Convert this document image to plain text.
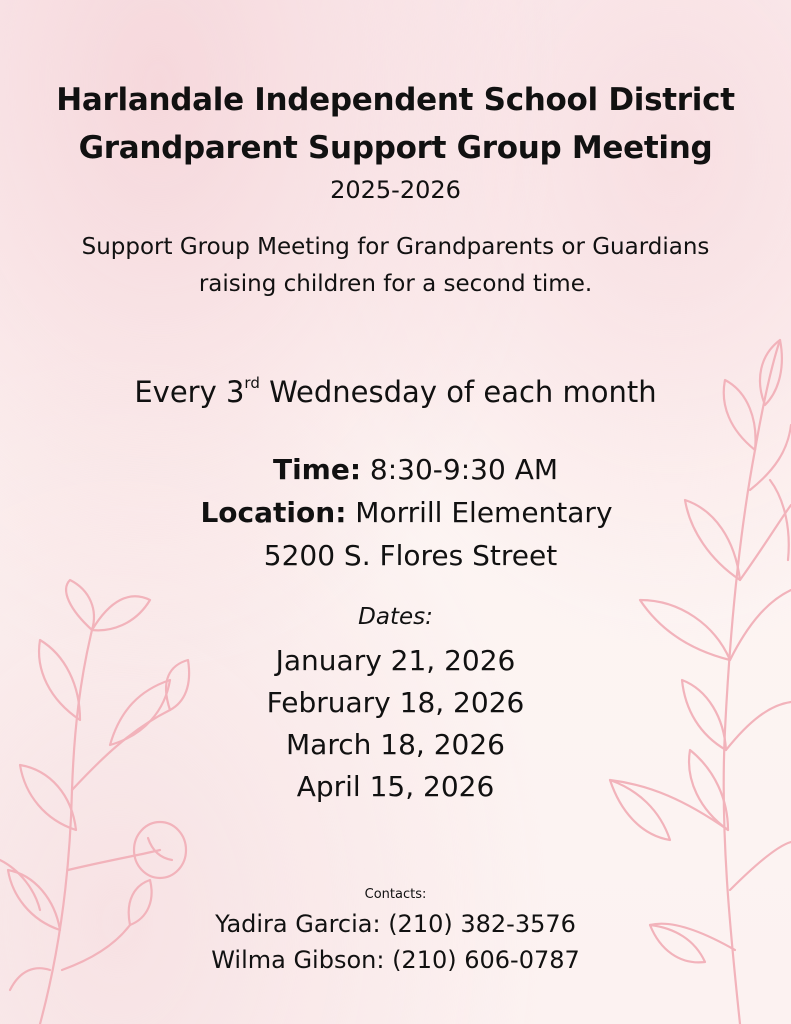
Harlandale Independent School District
Grandparent Support Group Meeting
2025-2026
Support Group Meeting for Grandparents or Guardians
raising children for a second time.
Every 3rd Wednesday of each month
Time: 8:30-9:30 AM
Location: Morrill Elementary
5200 S. Flores Street
Dates:
January 21, 2026
February 18, 2026
March 18, 2026
April 15, 2026
Contacts:
Yadira Garcia: (210) 382-3576
Wilma Gibson: (210) 606-0787
